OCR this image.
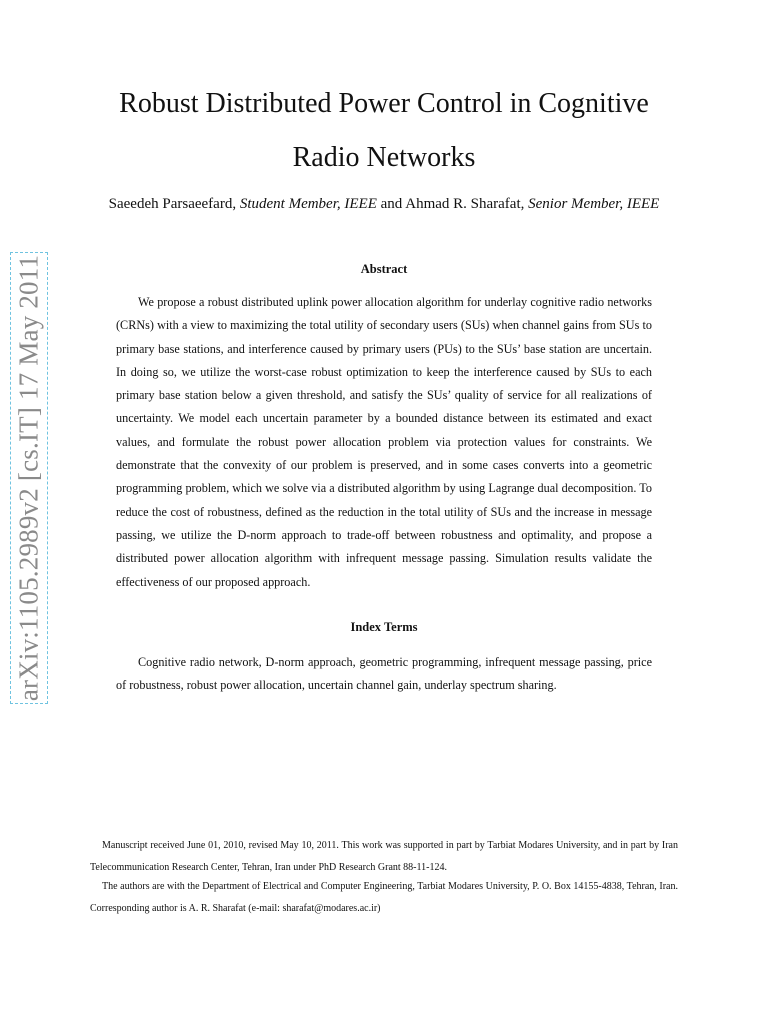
arXiv:1105.2989v2 [cs.IT] 17 May 2011
Robust Distributed Power Control in Cognitive
Radio Networks
Saeedeh Parsaeefard, Student Member, IEEE and Ahmad R. Sharafat, Senior Member, IEEE
Abstract

We propose a robust distributed uplink power allocation algorithm for underlay cognitive radio networks (CRNs) with a view to maximizing the total utility of secondary users (SUs) when channel gains from SUs to primary base stations, and interference caused by primary users (PUs) to the SUs’ base station are uncertain. In doing so, we utilize the worst-case robust optimization to keep the interference caused by SUs to each primary base station below a given threshold, and satisfy the SUs’ quality of service for all realizations of uncertainty. We model each uncertain parameter by a bounded distance between its estimated and exact values, and formulate the robust power allocation problem via protection values for constraints. We demonstrate that the convexity of our problem is preserved, and in some cases converts into a geometric programming problem, which we solve via a distributed algorithm by using Lagrange dual decomposition. To reduce the cost of robustness, defined as the reduction in the total utility of SUs and the increase in message passing, we utilize the D-norm approach to trade-off between robustness and optimality, and propose a distributed power allocation algorithm with infrequent message passing. Simulation results validate the effectiveness of our proposed approach.

Index Terms

Cognitive radio network, D-norm approach, geometric programming, infrequent message passing, price of robustness, robust power allocation, uncertain channel gain, underlay spectrum sharing.

Manuscript received June 01, 2010, revised May 10, 2011. This work was supported in part by Tarbiat Modares University, and in part by Iran Telecommunication Research Center, Tehran, Iran under PhD Research Grant 88-11-124.

The authors are with the Department of Electrical and Computer Engineering, Tarbiat Modares University, P. O. Box 14155-4838, Tehran, Iran. Corresponding author is A. R. Sharafat (e-mail: sharafat@modares.ac.ir)
